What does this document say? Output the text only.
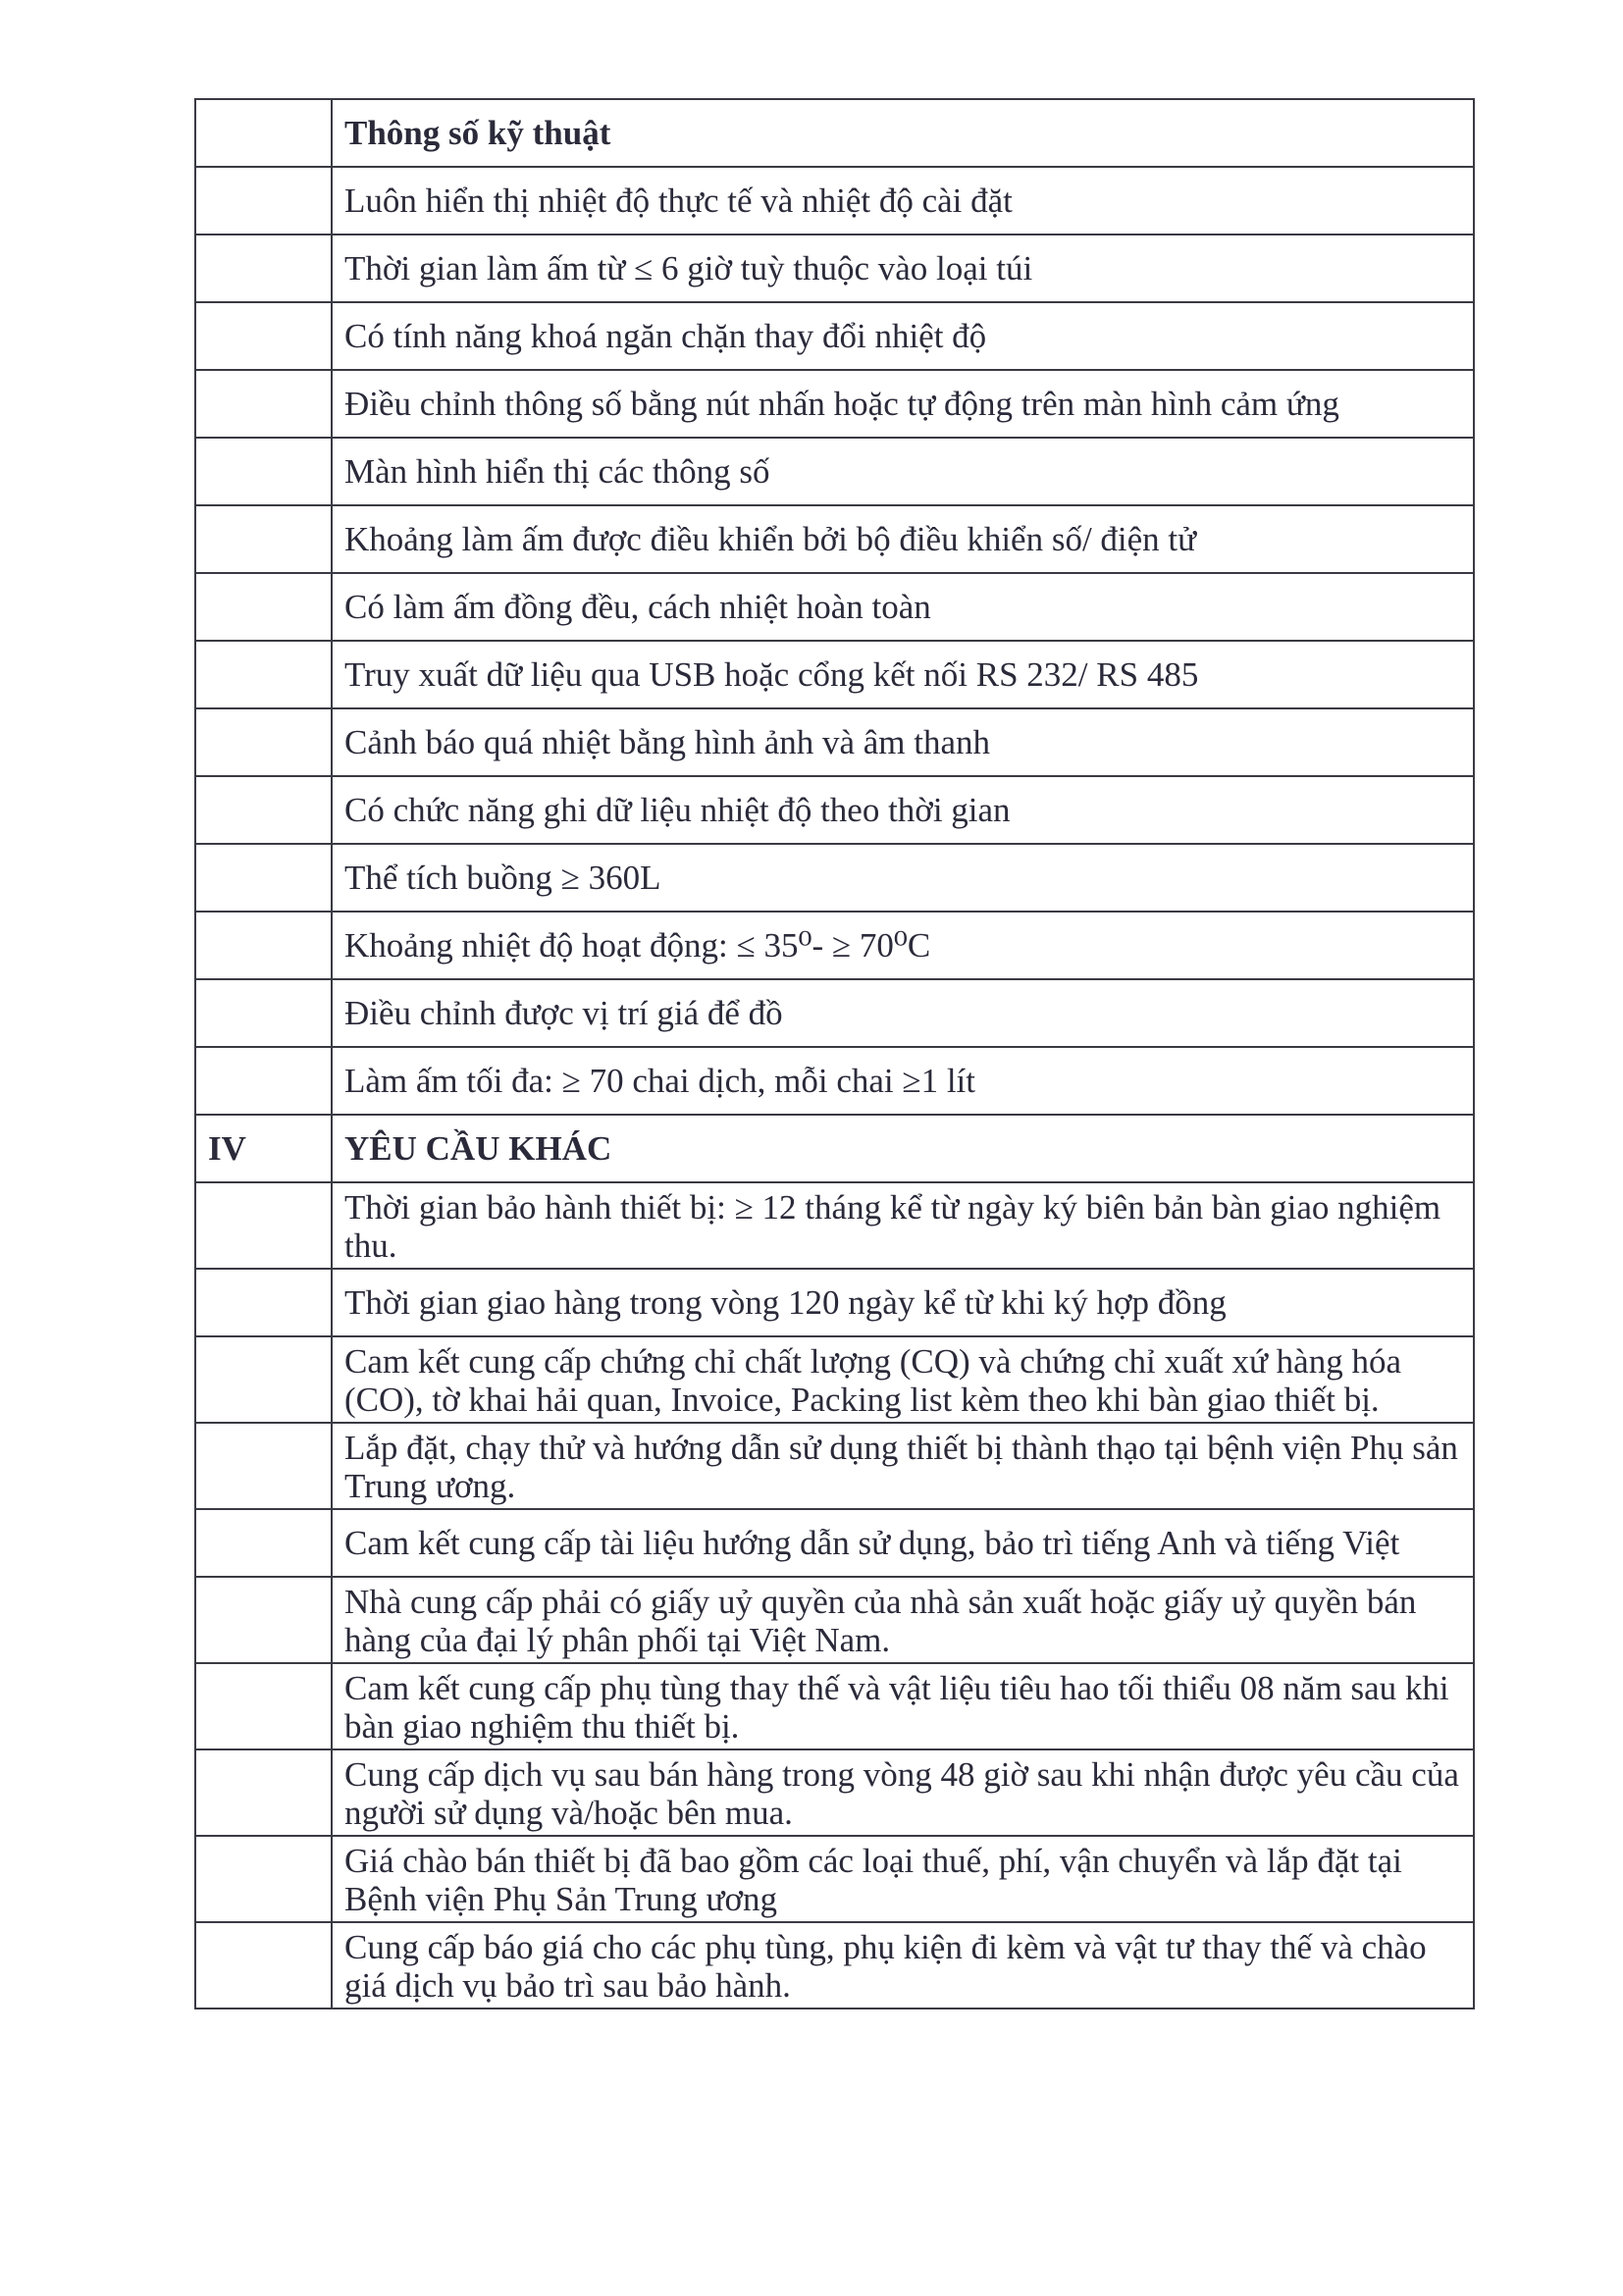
	Thông số kỹ thuật
	Luôn hiển thị nhiệt độ thực tế và nhiệt độ cài đặt
	Thời gian làm ấm từ ≤ 6 giờ tuỳ thuộc vào loại túi
	Có tính năng khoá ngăn chặn thay đổi nhiệt độ
	Điều chỉnh thông số bằng nút nhấn hoặc tự động trên màn hình cảm ứng
	Màn hình hiển thị các thông số
	Khoảng làm ấm được điều khiển bởi bộ điều khiển số/ điện tử
	Có làm ấm đồng đều, cách nhiệt hoàn toàn
	Truy xuất dữ liệu qua USB hoặc cổng kết nối RS 232/ RS 485
	Cảnh báo quá nhiệt bằng hình ảnh và âm thanh
	Có chức năng ghi dữ liệu nhiệt độ theo thời gian
	Thể tích buồng ≥ 360L
	Khoảng nhiệt độ hoạt động: ≤ 35⁰- ≥ 70⁰C
	Điều chỉnh được vị trí giá để đồ
	Làm ấm tối đa: ≥ 70 chai dịch, mỗi chai ≥1 lít
IV	YÊU CẦU KHÁC
	Thời gian bảo hành thiết bị: ≥ 12 tháng kể từ ngày ký biên bản bàn giao nghiệm thu.
	Thời gian giao hàng trong vòng 120 ngày kể từ khi ký hợp đồng
	Cam kết cung cấp chứng chỉ chất lượng (CQ) và chứng chỉ xuất xứ hàng hóa (CO), tờ khai hải quan, Invoice, Packing list kèm theo khi bàn giao thiết bị.
	Lắp đặt, chạy thử và hướng dẫn sử dụng thiết bị thành thạo tại bệnh viện Phụ sản Trung ương.
	Cam kết cung cấp tài liệu hướng dẫn sử dụng, bảo trì tiếng Anh và tiếng Việt
	Nhà cung cấp phải có giấy uỷ quyền của nhà sản xuất hoặc giấy uỷ quyền bán hàng của đại lý phân phối tại Việt Nam.
	Cam kết cung cấp phụ tùng thay thế và vật liệu tiêu hao tối thiểu 08 năm sau khi bàn giao nghiệm thu thiết bị.
	Cung cấp dịch vụ sau bán hàng trong vòng 48 giờ sau khi nhận được yêu cầu của người sử dụng và/hoặc bên mua.
	Giá chào bán thiết bị đã bao gồm các loại thuế, phí, vận chuyển và lắp đặt tại Bệnh viện Phụ Sản Trung ương
	Cung cấp báo giá cho các phụ tùng, phụ kiện đi kèm và vật tư thay thế và chào giá dịch vụ bảo trì sau bảo hành.
